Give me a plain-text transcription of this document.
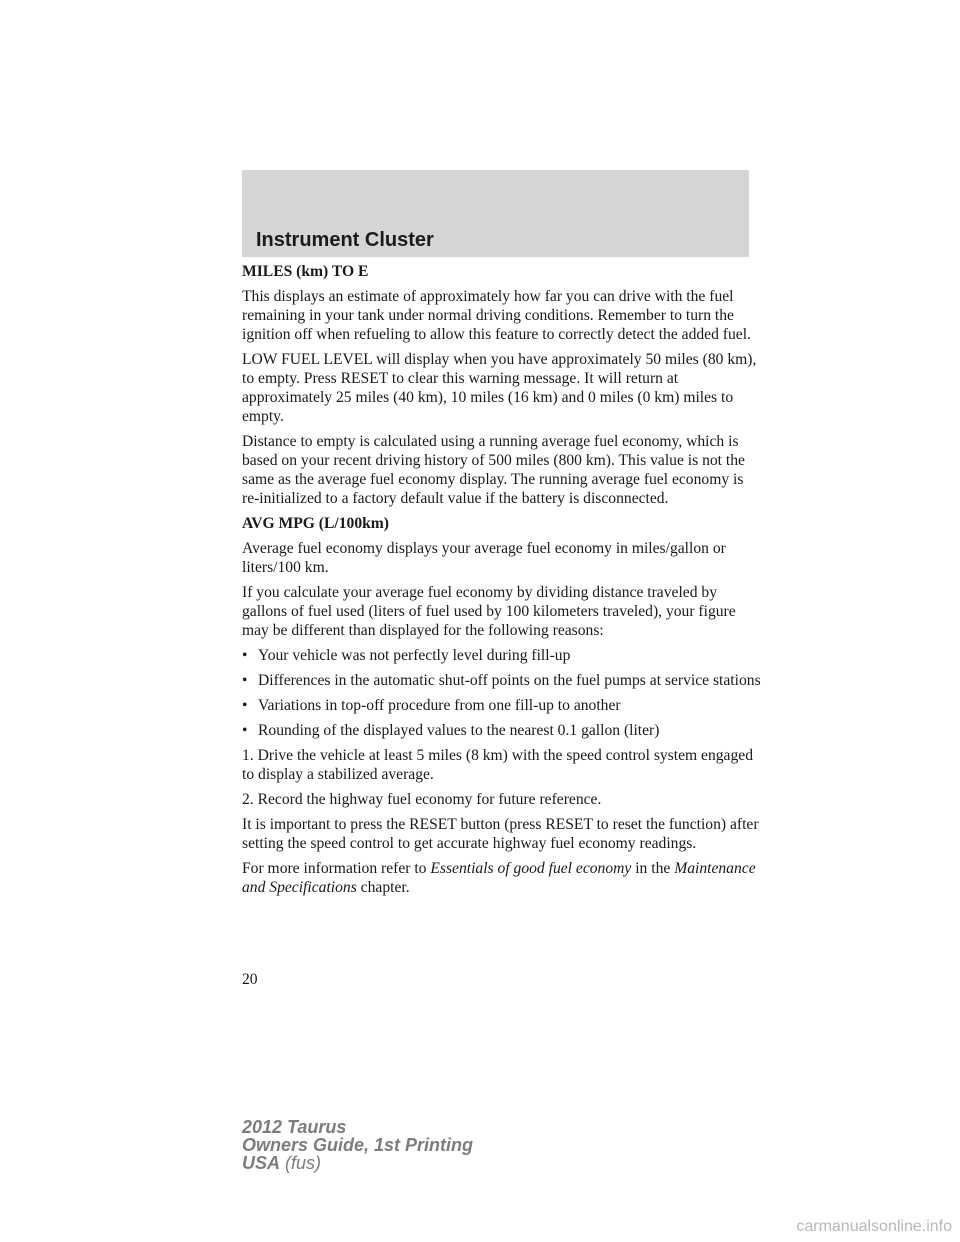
Instrument Cluster
MILES (km) TO E

This displays an estimate of approximately how far you can drive with the fuel remaining in your tank under normal driving conditions. Remember to turn the ignition off when refueling to allow this feature to correctly detect the added fuel.

LOW FUEL LEVEL will display when you have approximately 50 miles (80 km), to empty. Press RESET to clear this warning message. It will return at approximately 25 miles (40 km), 10 miles (16 km) and 0 miles (0 km) miles to empty.

Distance to empty is calculated using a running average fuel economy, which is based on your recent driving history of 500 miles (800 km). This value is not the same as the average fuel economy display. The running average fuel economy is re-initialized to a factory default value if the battery is disconnected.

AVG MPG (L/100km)

Average fuel economy displays your average fuel economy in miles/gallon or liters/100 km.

If you calculate your average fuel economy by dividing distance traveled by gallons of fuel used (liters of fuel used by 100 kilometers traveled), your figure may be different than displayed for the following reasons:

• Your vehicle was not perfectly level during fill-up
• Differences in the automatic shut-off points on the fuel pumps at service stations
• Variations in top-off procedure from one fill-up to another
• Rounding of the displayed values to the nearest 0.1 gallon (liter)

1. Drive the vehicle at least 5 miles (8 km) with the speed control system engaged to display a stabilized average.

2. Record the highway fuel economy for future reference.

It is important to press the RESET button (press RESET to reset the function) after setting the speed control to get accurate highway fuel economy readings.

For more information refer to Essentials of good fuel economy in the Maintenance and Specifications chapter.

20
2012 Taurus
Owners Guide, 1st Printing
USA (fus)
carmanualsonline.info
